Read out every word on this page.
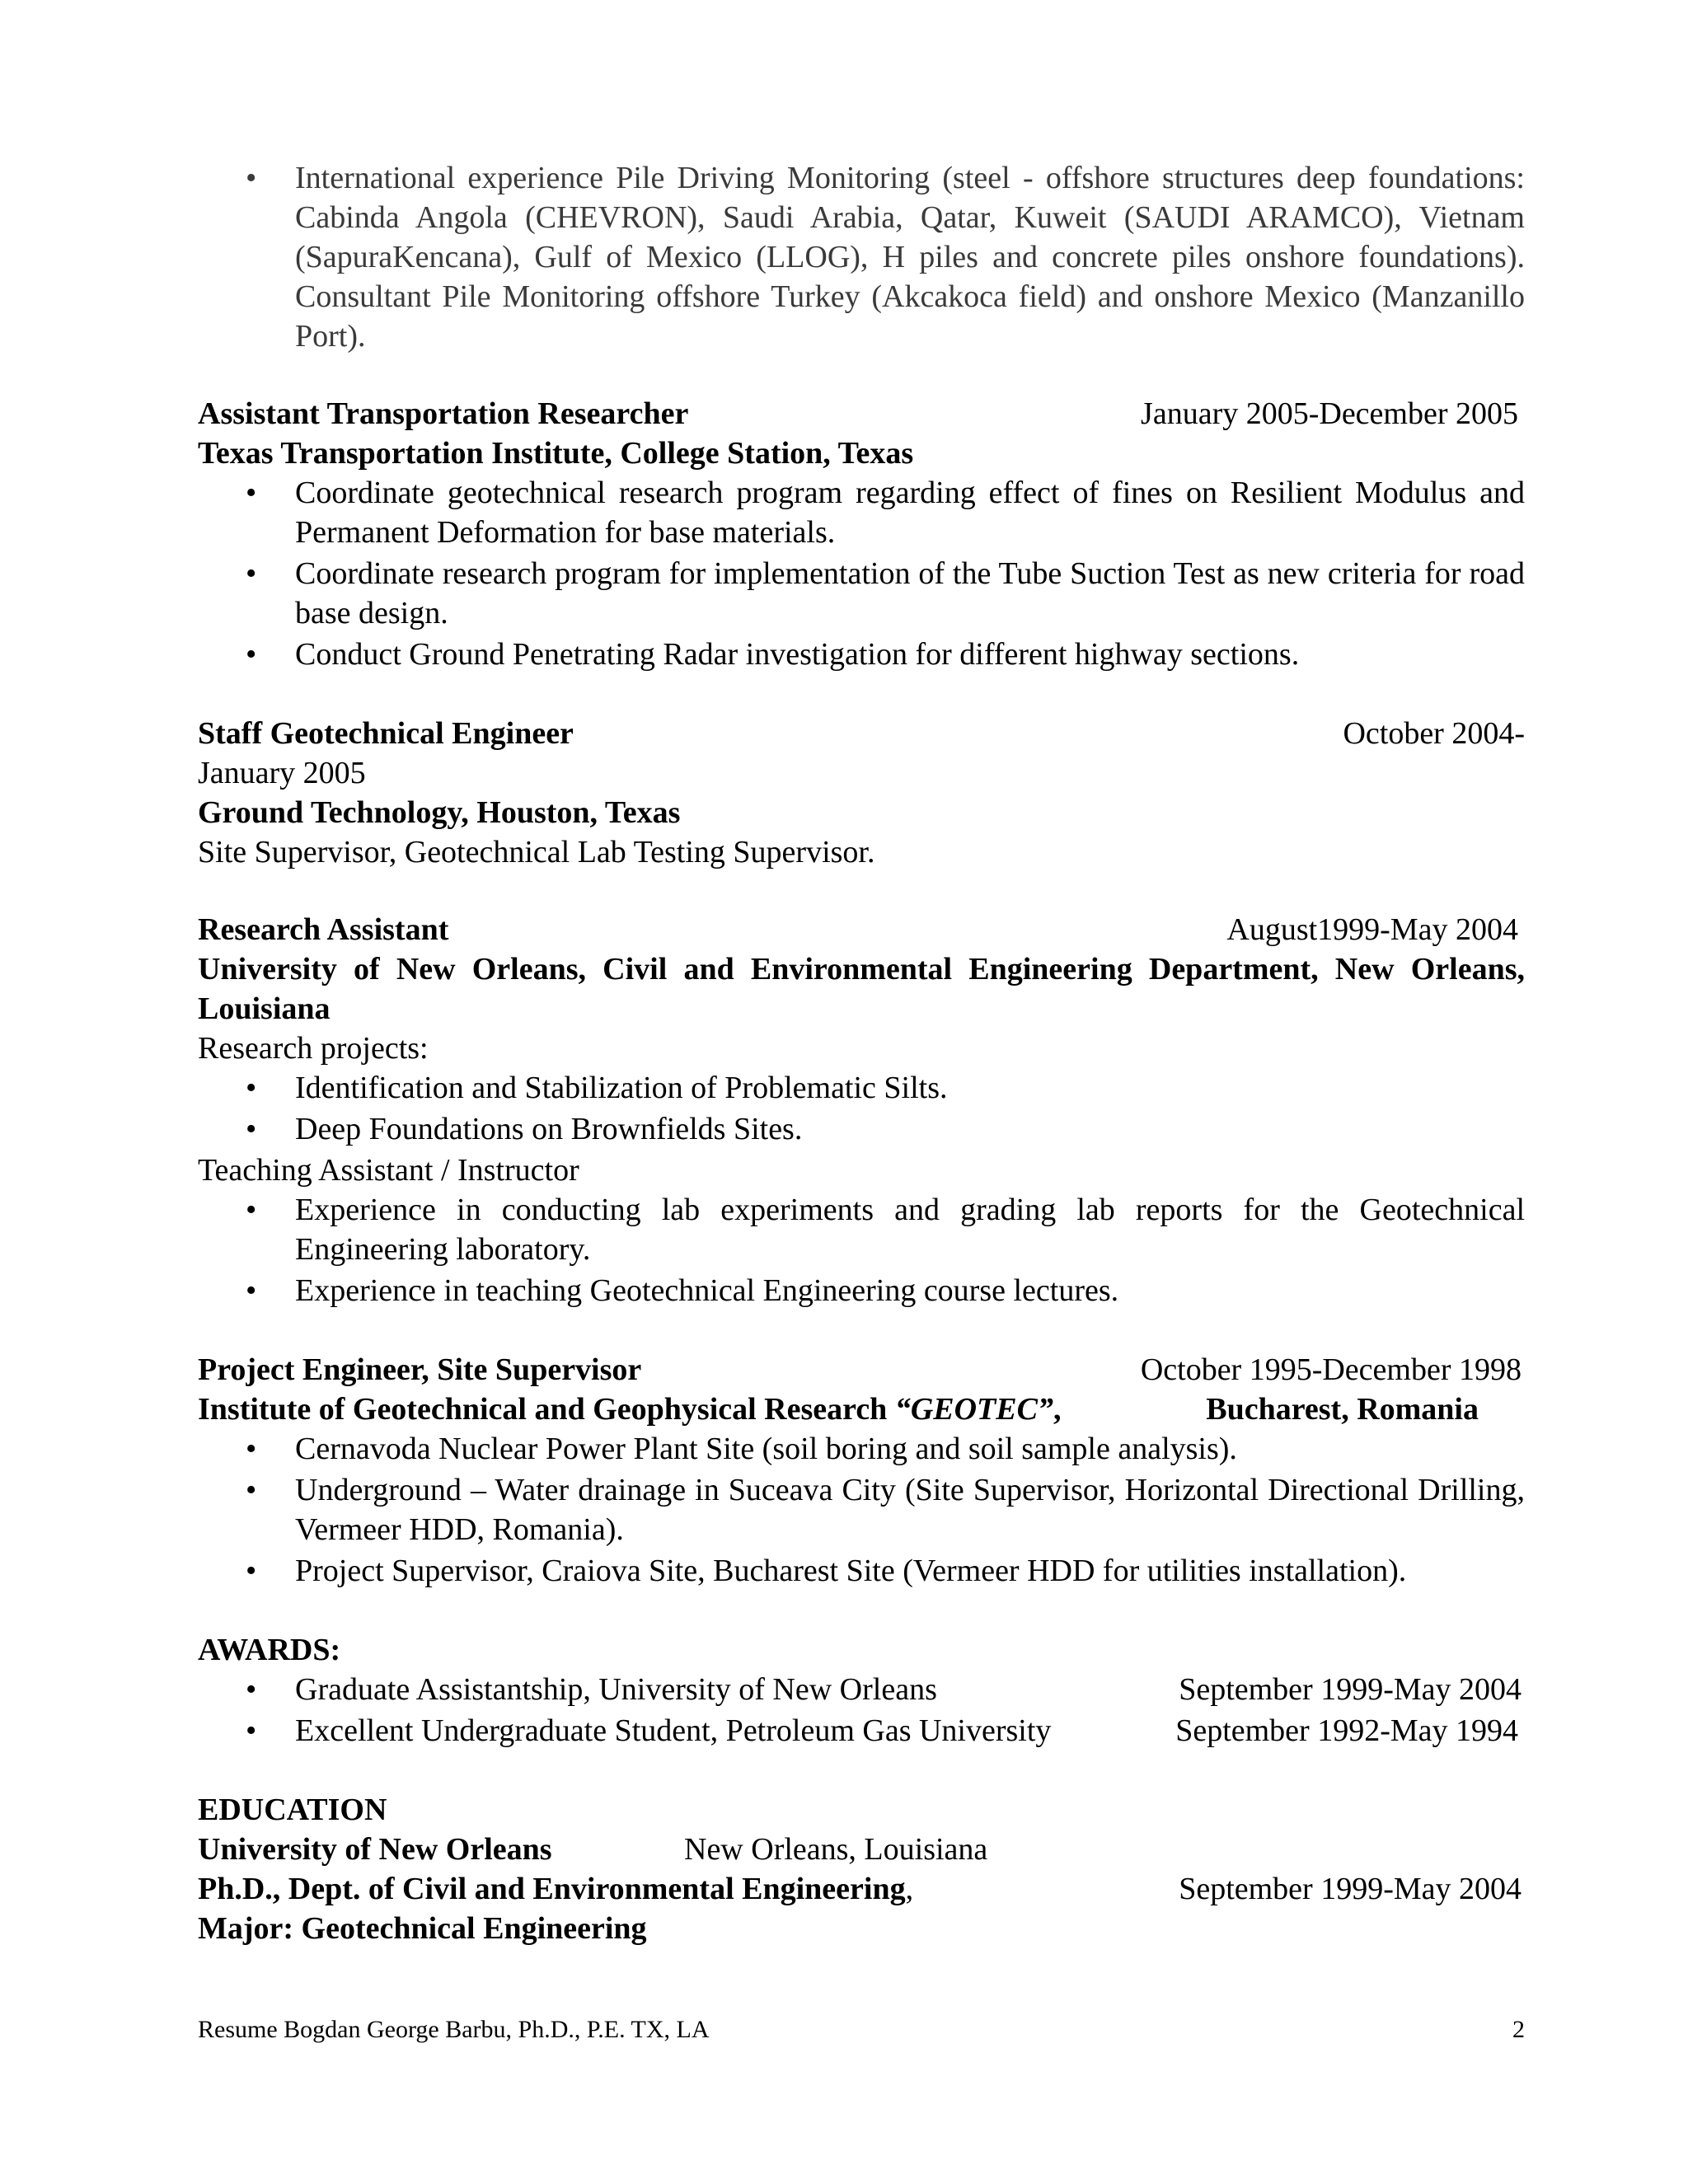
• International experience Pile Driving Monitoring (steel - offshore structures deep foundations: Cabinda Angola (CHEVRON), Saudi Arabia, Qatar, Kuweit (SAUDI ARAMCO), Vietnam (SapuraKencana), Gulf of Mexico (LLOG), H piles and concrete piles onshore foundations). Consultant Pile Monitoring offshore Turkey (Akcakoca field) and onshore Mexico (Manzanillo Port).
Assistant Transportation Researcher	January 2005-December 2005
Texas Transportation Institute, College Station, Texas
• Coordinate geotechnical research program regarding effect of fines on Resilient Modulus and Permanent Deformation for base materials.
• Coordinate research program for implementation of the Tube Suction Test as new criteria for road base design.
• Conduct Ground Penetrating Radar investigation for different highway sections.
Staff Geotechnical Engineer	October 2004-
January 2005
Ground Technology, Houston, Texas
Site Supervisor, Geotechnical Lab Testing Supervisor.
Research Assistant	August1999-May 2004
University of New Orleans, Civil and Environmental Engineering Department, New Orleans, Louisiana
Research projects:
• Identification and Stabilization of Problematic Silts.
• Deep Foundations on Brownfields Sites.
Teaching Assistant / Instructor
• Experience in conducting lab experiments and grading lab reports for the Geotechnical Engineering laboratory.
• Experience in teaching Geotechnical Engineering course lectures.
Project Engineer, Site Supervisor	October 1995-December 1998
Institute of Geotechnical and Geophysical Research “GEOTEC”,	Bucharest, Romania
• Cernavoda Nuclear Power Plant Site (soil boring and soil sample analysis).
• Underground – Water drainage in Suceava City (Site Supervisor, Horizontal Directional Drilling, Vermeer HDD, Romania).
• Project Supervisor, Craiova Site, Bucharest Site (Vermeer HDD for utilities installation).
AWARDS:
• Graduate Assistantship, University of New Orleans	September 1999-May 2004
• Excellent Undergraduate Student, Petroleum Gas University	September 1992-May 1994
EDUCATION
University of New Orleans	New Orleans, Louisiana
Ph.D., Dept. of Civil and Environmental Engineering,	September 1999-May 2004
Major: Geotechnical Engineering
Resume Bogdan George Barbu, Ph.D., P.E. TX, LA	2
